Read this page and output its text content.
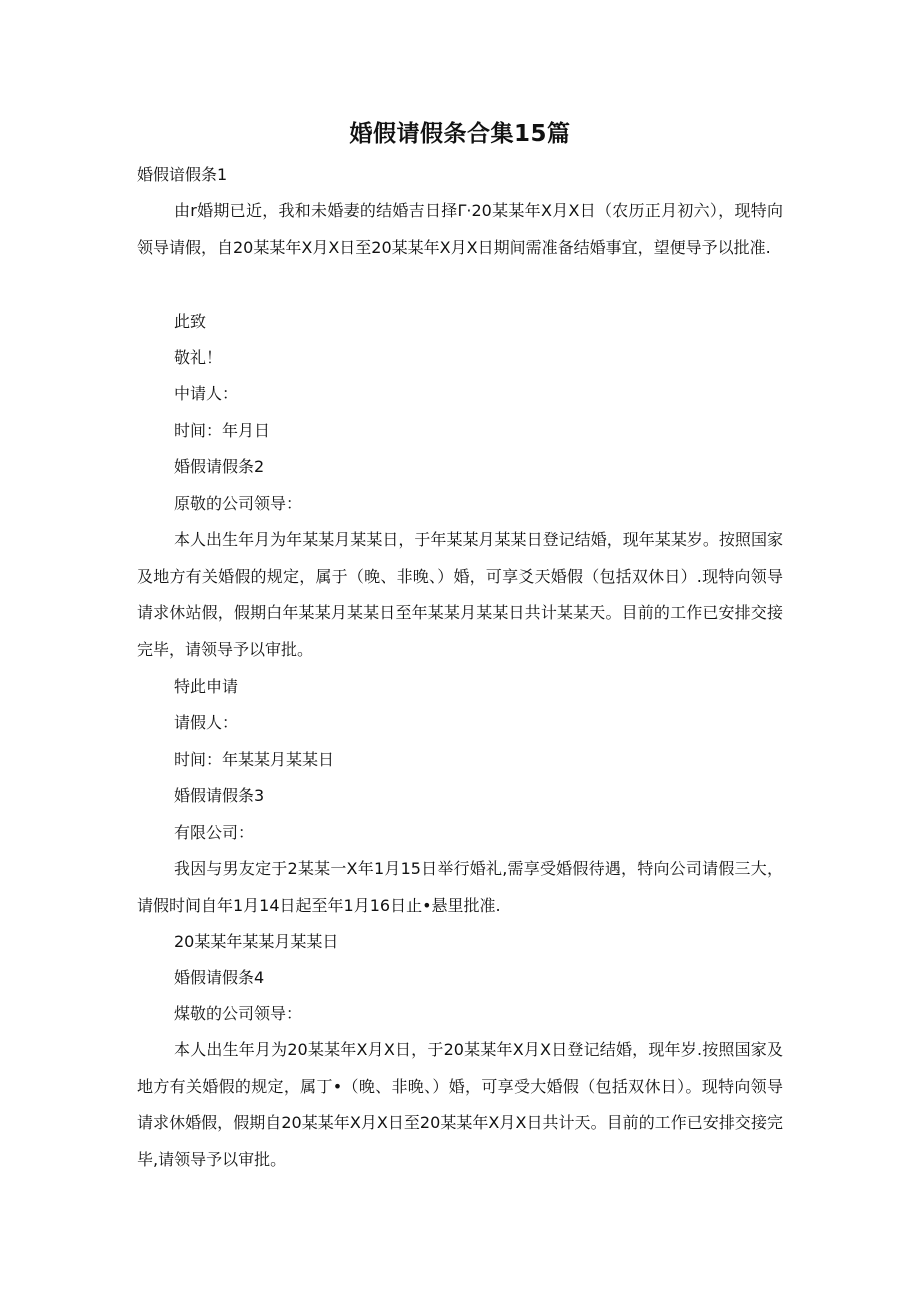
婚假请假条合集15篇
婚假谙假条1

由r婚期已近，我和未婚妻的结婚吉日择Γ·20某某年X月X日（农历正月初六），现特向领导请假，自20某某年X月X日至20某某年X月X日期间需准备结婚事宜，望便导予以批准.

此致
敬礼！
中请人：
时间：年月日
婚假请假条2
原敬的公司领导：

本人出生年月为年某某月某某日，于年某某月某某日登记结婚，现年某某岁。按照国家及地方有关婚假的规定，属于（晚、非晚、）婚，可享爻天婚假（包括双休日）.现特向领导请求休站假，假期白年某某月某某日至年某某月某某日共计某某天。目前的工作已安排交接完毕，请领导予以审批。

特此申请
请假人：
时间：年某某月某某日
婚假请假条3
有限公司：

我因与男友定于2某某一X年1月15日举行婚礼,需享受婚假待遇，特向公司请假三大，请假时间自年1月14日起至年1月16日止•悬里批准.

20某某年某某月某某日
婚假请假条4
煤敬的公司领导：

本人出生年月为20某某年X月X日，于20某某年X月X日登记结婚，现年岁.按照国家及地方有关婚假的规定，属丁•（晚、非晚、）婚，可享受大婚假（包括双休日）。现特向领导请求休婚假，假期自20某某年X月X日至20某某年X月X日共计天。目前的工作已安排交接完毕,请领导予以审批。
